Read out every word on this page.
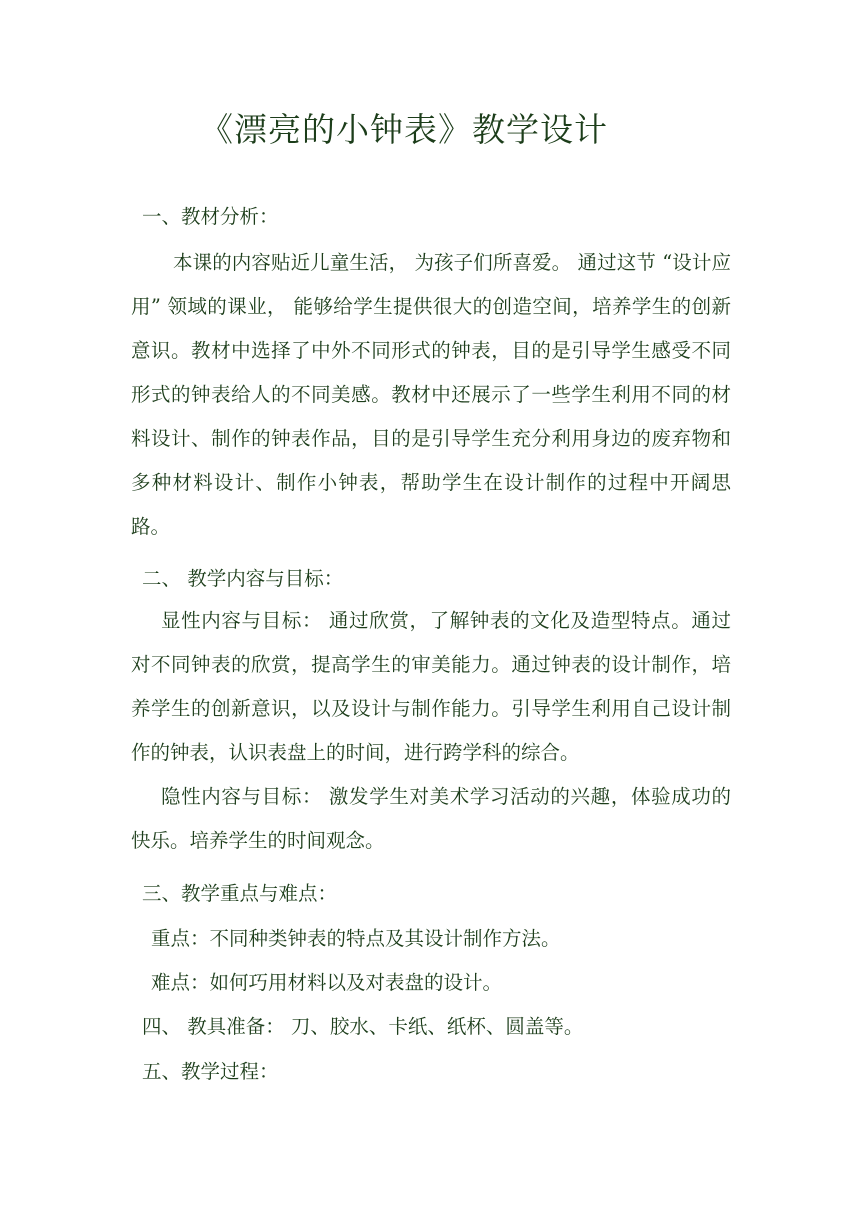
《漂亮的小钟表》教学设计
一、教材分析：

本课的内容贴近儿童生活， 为孩子们所喜爱。 通过这节 “设计应用” 领域的课业， 能够给学生提供很大的创造空间，培养学生的创新意识。教材中选择了中外不同形式的钟表，目的是引导学生感受不同形式的钟表给人的不同美感。教材中还展示了一些学生利用不同的材料设计、制作的钟表作品，目的是引导学生充分利用身边的废弃物和多种材料设计、制作小钟表，帮助学生在设计制作的过程中开阔思路。

二、 教学内容与目标：

显性内容与目标： 通过欣赏，了解钟表的文化及造型特点。通过对不同钟表的欣赏，提高学生的审美能力。通过钟表的设计制作，培养学生的创新意识，以及设计与制作能力。引导学生利用自己设计制作的钟表，认识表盘上的时间，进行跨学科的综合。

隐性内容与目标： 激发学生对美术学习活动的兴趣，体验成功的快乐。培养学生的时间观念。

三、教学重点与难点：
重点：不同种类钟表的特点及其设计制作方法。
难点：如何巧用材料以及对表盘的设计。
四、 教具准备： 刀、胶水、卡纸、纸杯、圆盖等。
五、教学过程：
